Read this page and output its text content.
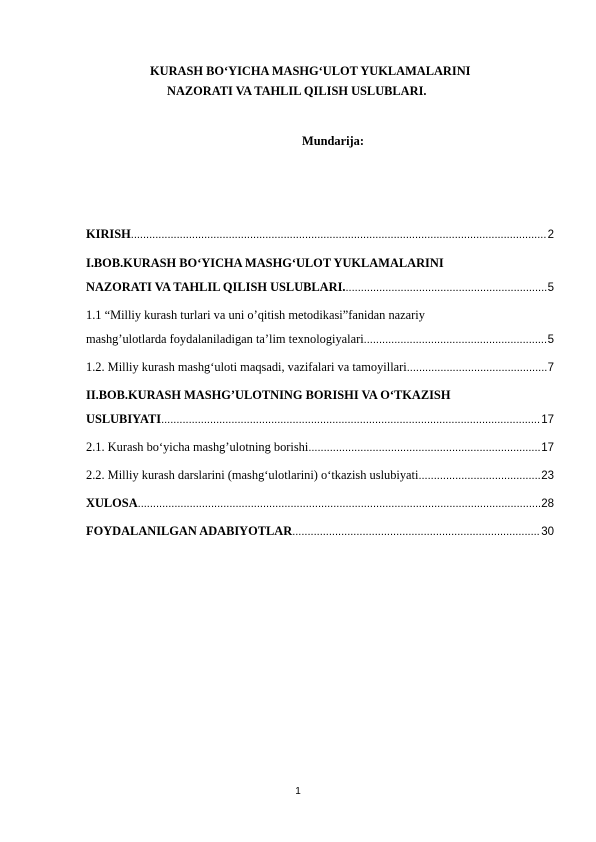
KURASH BO‘YICHA MASHG‘ULOT YUKLAMALARINI
NAZORATI VA TAHLIL QILISH USLUBLARI.
Mundarija:
KIRISH .....	2
I.BOB.KURASH BO‘YICHA MASHG‘ULOT YUKLAMALARINI
NAZORATI VA TAHLIL QILISH USLUBLARI. .....	5
1.1 “Milliy kurash turlari va uni o’qitish metodikasi”fanidan nazariy
mashg’ulotlarda foydalaniladigan ta’lim texnologiyalari .....	5
1.2. Milliy kurash mashg‘uloti maqsadi, vazifalari va tamoyillari .....	7
II.BOB.KURASH MASHG’ULOTNING BORISHI VA O‘TKAZISH
USLUBIYATI .....	17
2.1. Kurash bo‘yicha mashg’ulotning borishi .....	17
2.2. Milliy kurash darslarini (mashg‘ulotlarini) o‘tkazish uslubiyati .....	23
XULOSA .....	28
FOYDALANILGAN ADABIYOTLAR .....	30
1
